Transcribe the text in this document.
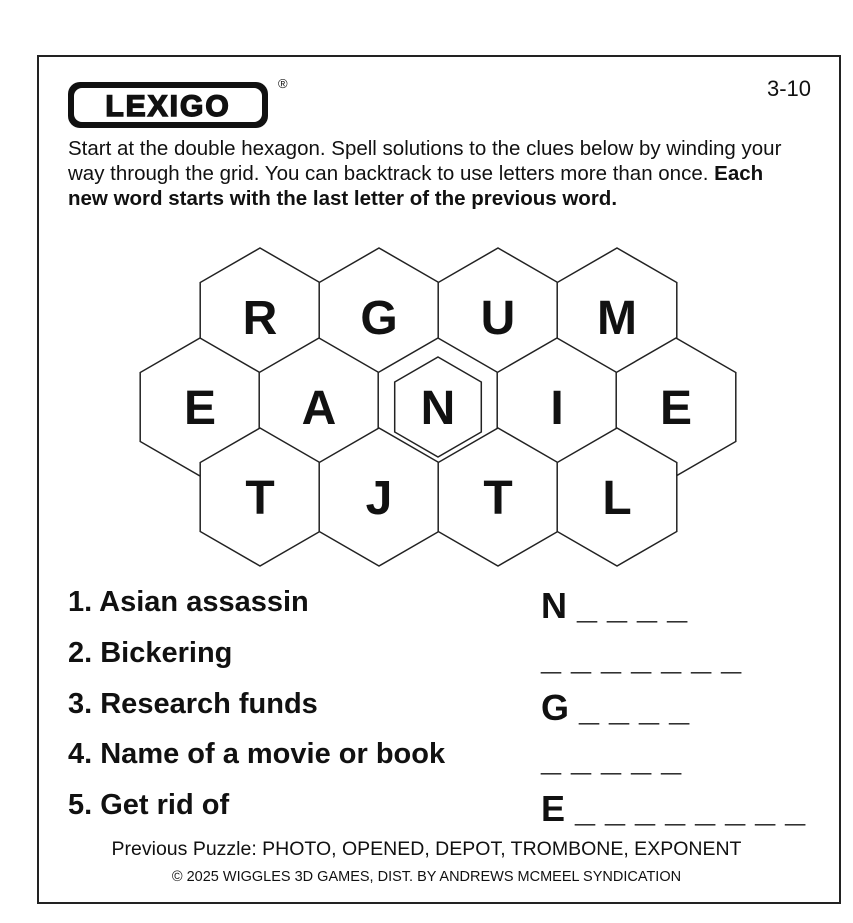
LEXIGO
®	3-10
Start at the double hexagon. Spell solutions to the clues below by winding your way through the grid. You can backtrack to use letters more than once. Each new word starts with the last letter of the previous word.
R G U M
E A N I E
T J T L
1. Asian assassin	N _ _ _ _
2. Bickering	_ _ _ _ _ _ _
3. Research funds	G _ _ _ _
4. Name of a movie or book	_ _ _ _ _
5. Get rid of	E _ _ _ _ _ _ _ _
Previous Puzzle: PHOTO, OPENED, DEPOT, TROMBONE, EXPONENT
© 2025 WIGGLES 3D GAMES, DIST. BY ANDREWS MCMEEL SYNDICATION
